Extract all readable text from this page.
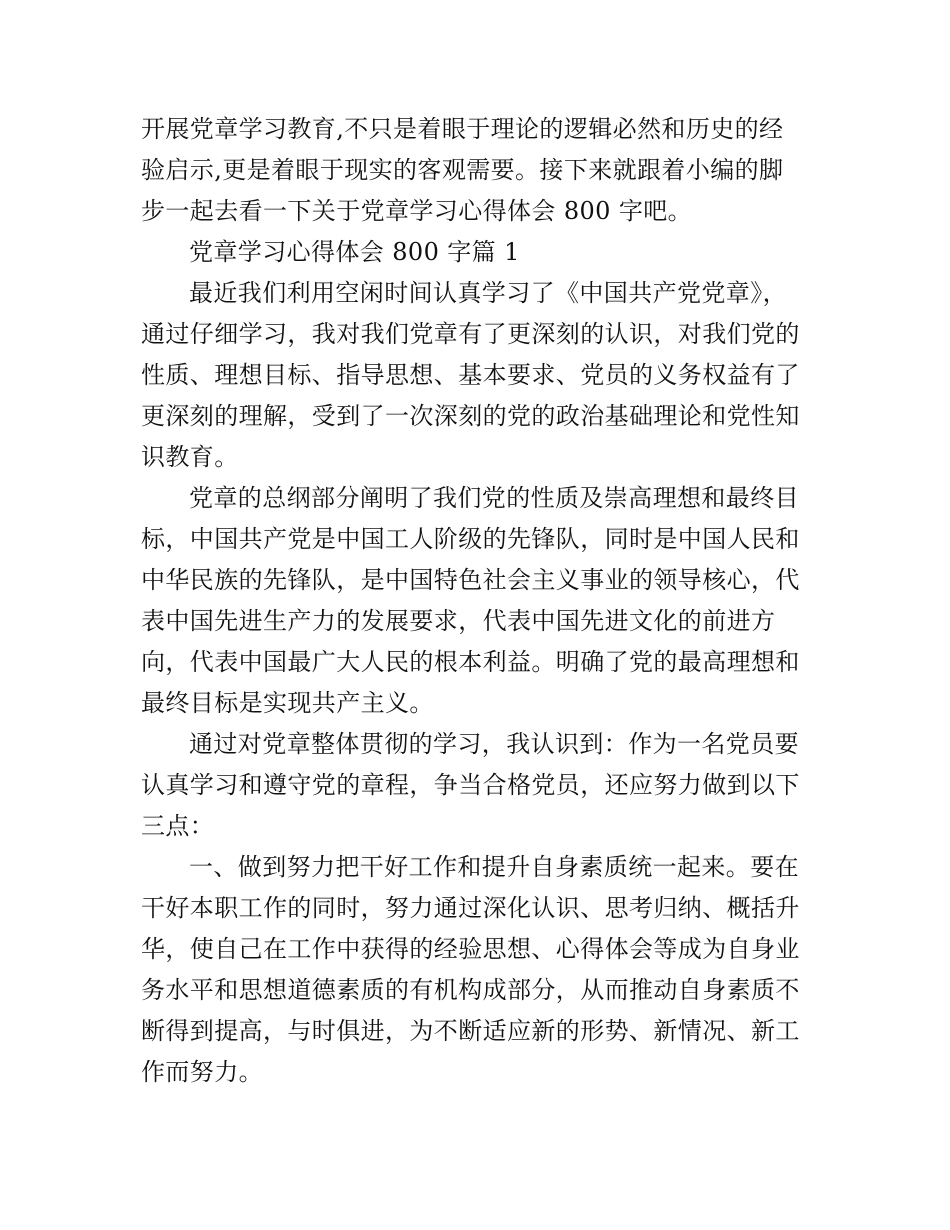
开展党章学习教育,不只是着眼于理论的逻辑必然和历史的经
验启示,更是着眼于现实的客观需要。接下来就跟着小编的脚
步一起去看一下关于党章学习心得体会 800 字吧。
党章学习心得体会 800 字篇 1
最近我们利用空闲时间认真学习了《中国共产党党章》，
通过仔细学习，我对我们党章有了更深刻的认识，对我们党的
性质、理想目标、指导思想、基本要求、党员的义务权益有了
更深刻的理解，受到了一次深刻的党的政治基础理论和党性知
识教育。
党章的总纲部分阐明了我们党的性质及崇高理想和最终目
标，中国共产党是中国工人阶级的先锋队，同时是中国人民和
中华民族的先锋队，是中国特色社会主义事业的领导核心，代
表中国先进生产力的发展要求，代表中国先进文化的前进方
向，代表中国最广大人民的根本利益。明确了党的最高理想和
最终目标是实现共产主义。
通过对党章整体贯彻的学习，我认识到：作为一名党员要
认真学习和遵守党的章程，争当合格党员，还应努力做到以下
三点：
一、做到努力把干好工作和提升自身素质统一起来。要在
干好本职工作的同时，努力通过深化认识、思考归纳、概括升
华，使自己在工作中获得的经验思想、心得体会等成为自身业
务水平和思想道德素质的有机构成部分，从而推动自身素质不
断得到提高，与时俱进，为不断适应新的形势、新情况、新工
作而努力。
